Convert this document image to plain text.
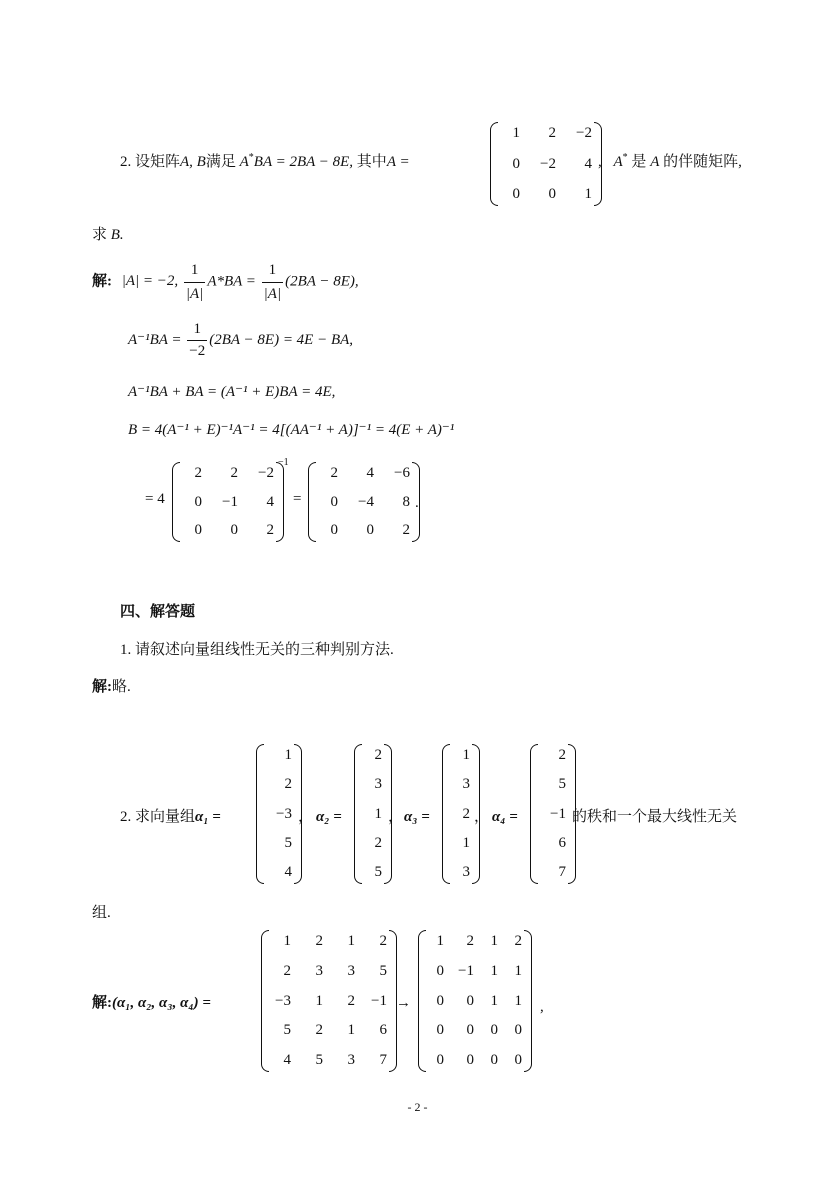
2. 设矩阵A, B满足 A*BA = 2BA − 8E, 其中A =
1	2	−2
0	−2	4
0	0	1
, A* 是 A 的伴随矩阵,
求 B.
解: |A| = −2, $\frac{1}{|A|} A*BA = \frac{1}{|A|} (2BA - 8E)$,
$A^{-1}BA = \frac{1}{-2} (2BA - 8E) = 4E$ − BA,
A⁻¹BA + BA = (A⁻¹ + E)BA = 4E,
B = 4(A⁻¹ + E)⁻¹A⁻¹ = 4[(AA⁻¹ + A)]⁻¹ = 4(E + A)⁻¹
= 4
2	2	−2
0	−1	4
0	0	2
−1
=
2	4	−6
0	−4	8
0	0	2
.
四、解答题
1. 请叙述向量组线性无关的三种判别方法.
解:略.
2. 求向量组α₁ =
1
2
−3
5
4
， α₂ =
2
3
1
2
5
， α₃ =
1
3
2
1
3
， α₄ =
2
5
−1
6
7
的秩和一个最大线性无关
组.
解:(α₁, α₂, α₃, α₄) =
1	2	1	2
2	3	3	5
−3	1	2	−1
5	2	1	6
4	5	3	7
→
1	2	1	2
0 −1	1	1
0	0	1	1
0	0	0	0
0	0	0	0
,
- 2 -
